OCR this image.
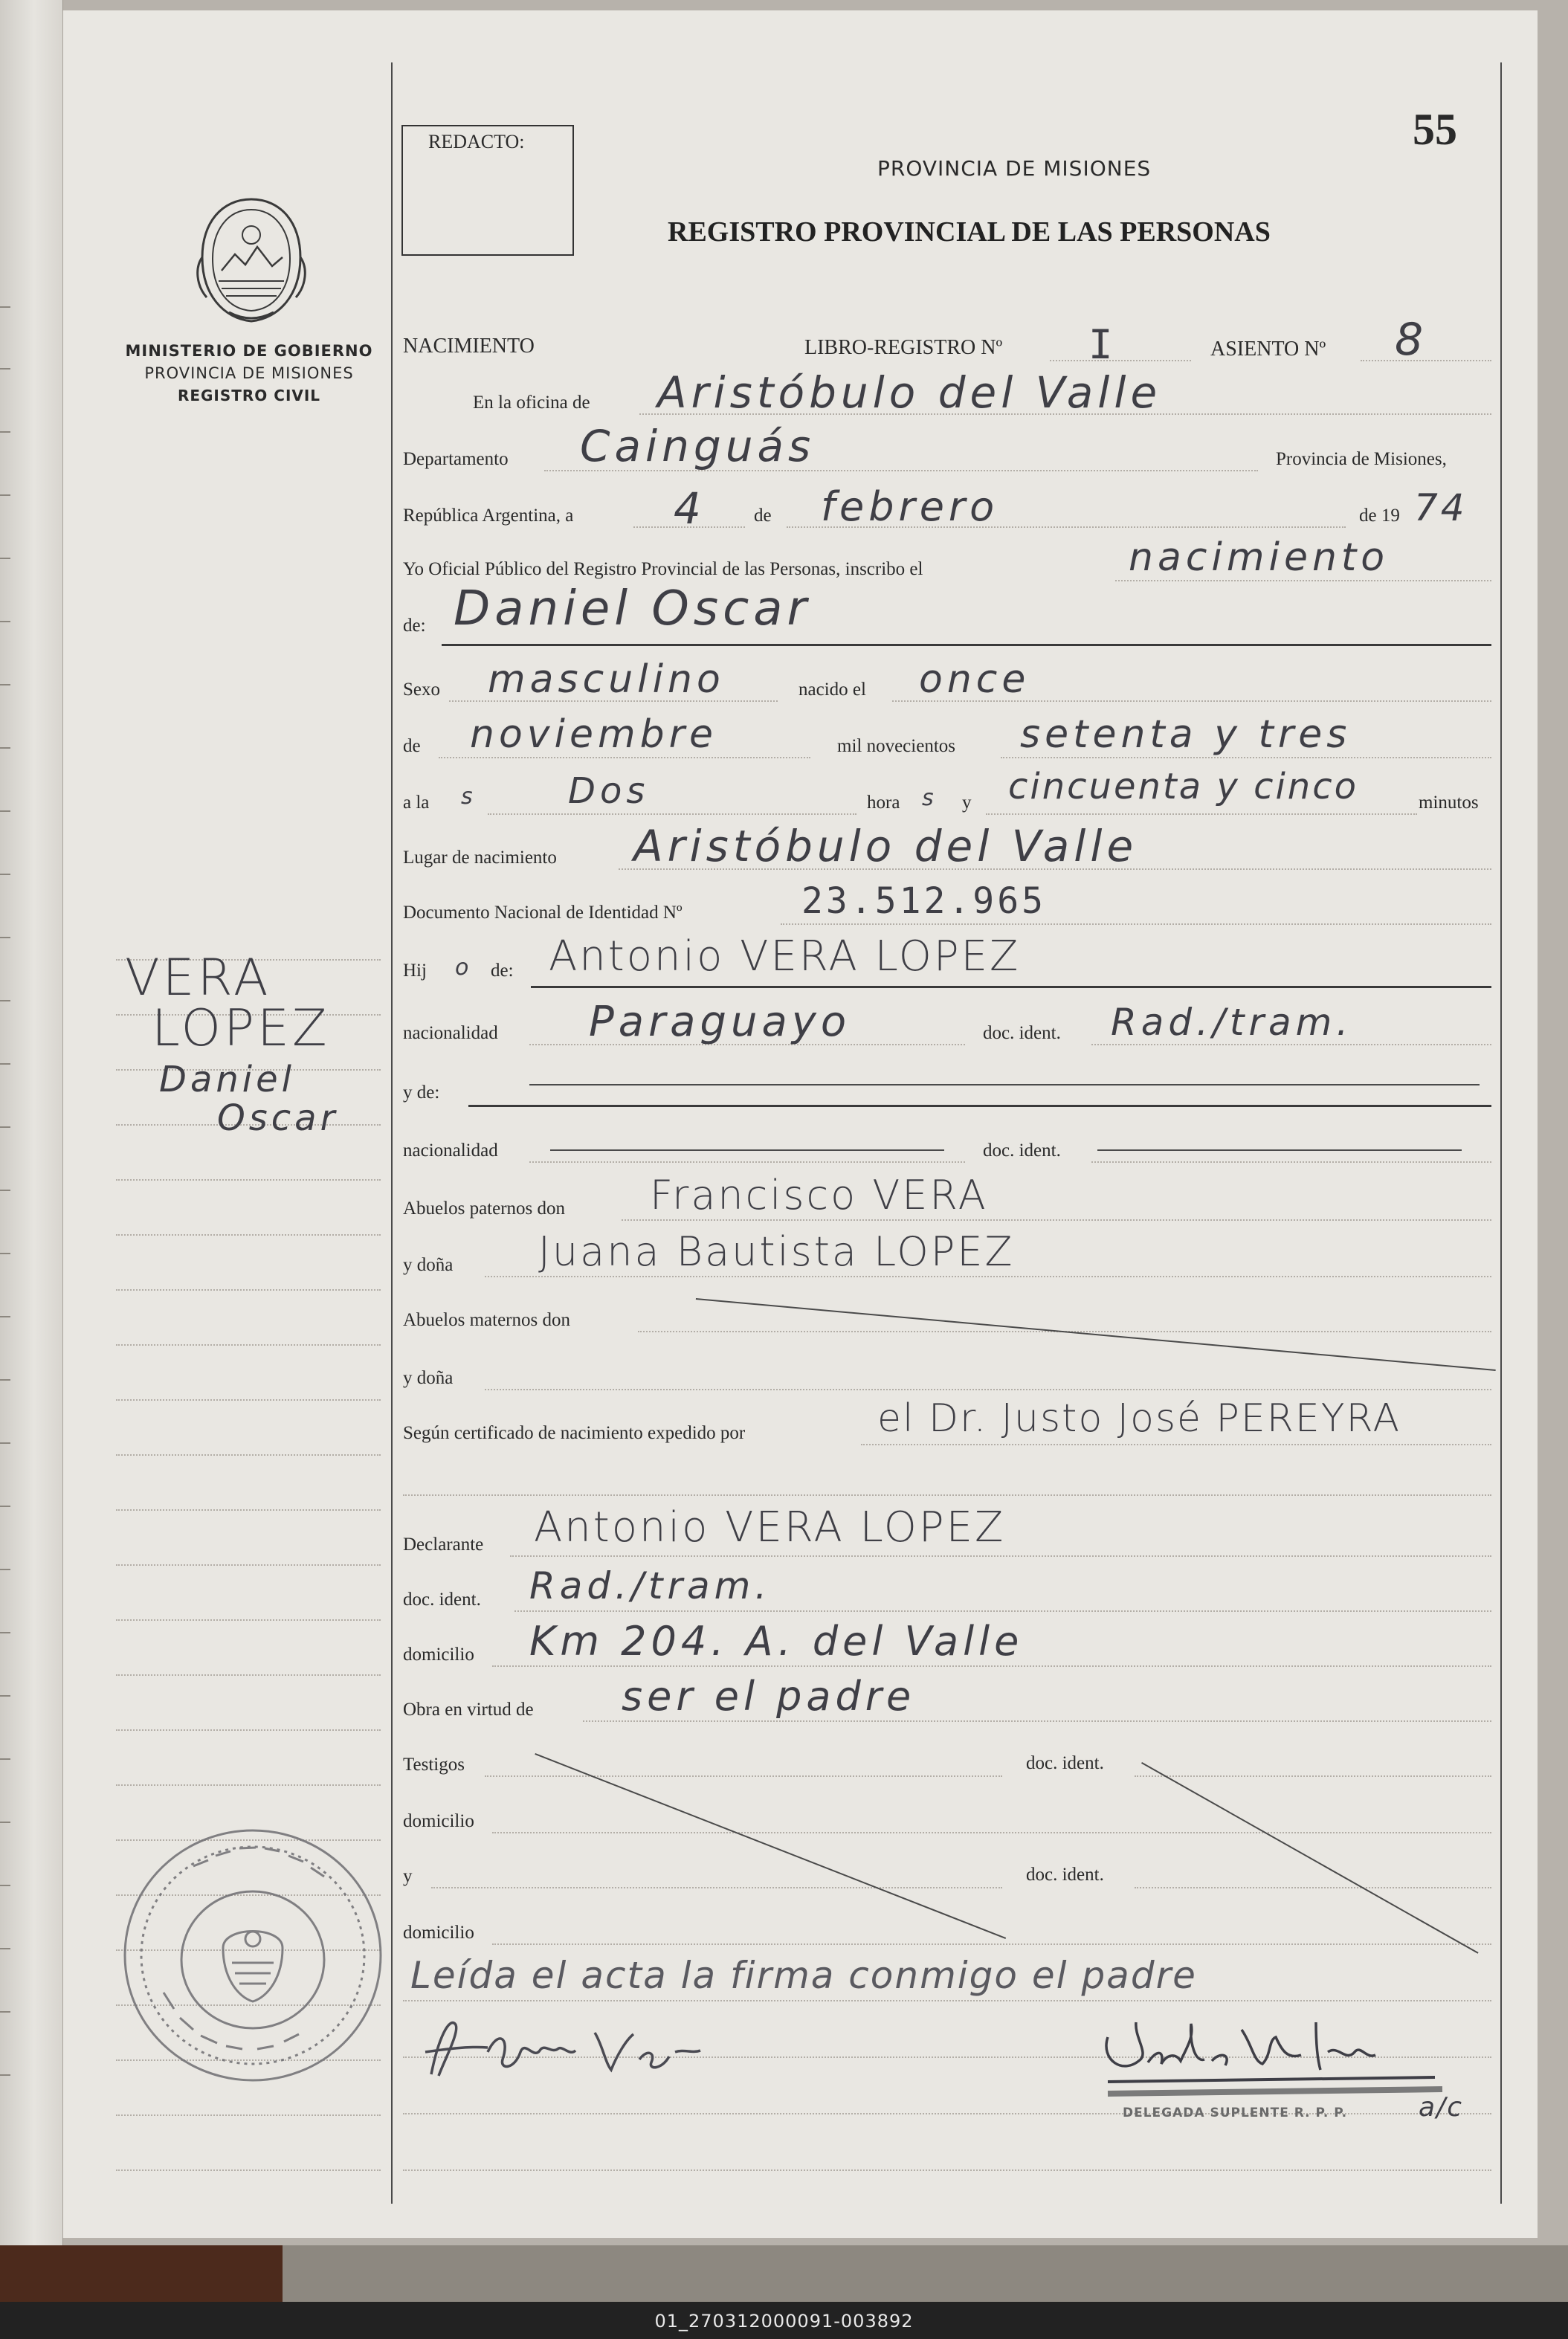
01_270312000091-003892
MINISTERIO DE GOBIERNO
PROVINCIA DE MISIONES
REGISTRO CIVIL
VERA
LOPEZ
Daniel
Oscar
REDACTO:	55
PROVINCIA DE MISIONES
REGISTRO PROVINCIAL DE LAS PERSONAS
NACIMIENTO	LIBRO-REGISTRO Nº I	ASIENTO Nº 8
En la oficina de Aristóbulo del Valle
Departamento Cainguás	Provincia de Misiones,
República Argentina, a 4	de febrero	de 19 74
Yo Oficial Público del Registro Provincial de las Personas, inscribo el	nacimiento
de: Daniel Oscar
Sexo masculino	nacido el once
de noviembre	mil novecientos setenta y tres
a la s	Dos	hora s y cincuenta y cinco	minutos
Lugar de nacimiento Aristóbulo del Valle
Documento Nacional de Identidad Nº	23.512.965
Hij o de: Antonio VERA LOPEZ
nacionalidad Paraguayo	doc. ident. Rad./tram.
y de:
nacionalidad	doc. ident.
Abuelos paternos don Francisco VERA
y doña Juana Bautista LOPEZ
Abuelos maternos don
y doña
Según certificado de nacimiento expedido por	el Dr. Justo José PEREYRA
Declarante Antonio VERA LOPEZ
doc. ident. Rad./tram.
domicilio Km 204. A. del Valle
Obra en virtud de ser el padre
Testigos	doc. ident.
domicilio
y	doc. ident.
domicilio
Leída el acta la firma conmigo el padre
DELEGADA SUPLENTE R. P. P.	a/c
